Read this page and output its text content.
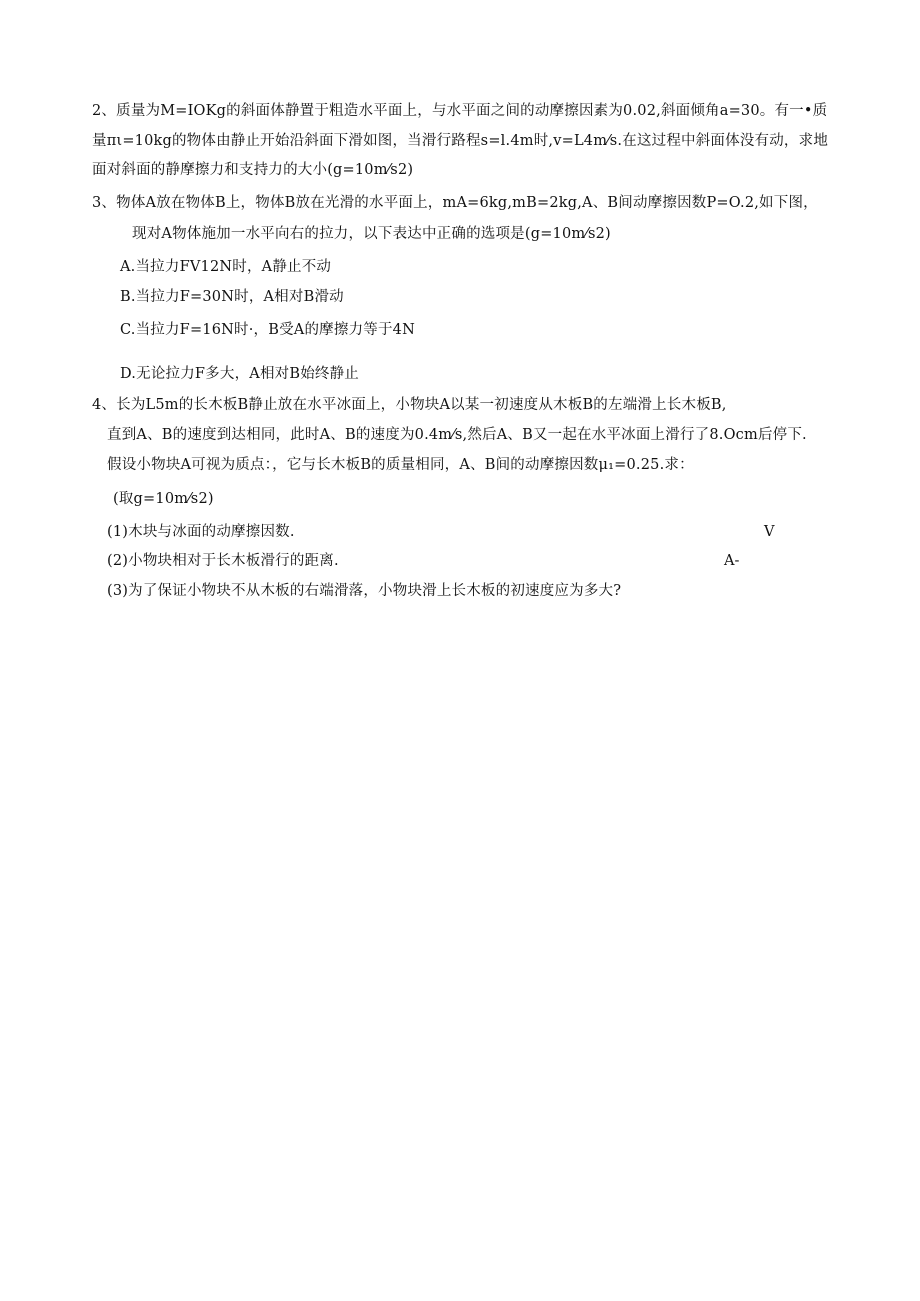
2、质量为M=IOKg的斜面体静置于粗造水平面上，与水平面之间的动摩擦因素为0.02,斜面倾角a=30。有一•质
量πι=10kg的物体由静止开始沿斜面下滑如图，当滑行路程s=l.4m时,v=L4m⁄s.在这过程中斜面体没有动，求地
面对斜面的静摩擦力和支持力的大小(g=10m⁄s2)
3、物体A放在物体B上，物体B放在光滑的水平面上，mA=6kg,mB=2kg,A、B间动摩擦因数P=O.2,如下图，
现对A物体施加一水平向右的拉力，以下表达中正确的选项是(g=10m⁄s2)
A.当拉力FV12N时，A静止不动
B.当拉力F=30N时，A相对B滑动
C.当拉力F=16N时·，B受A的摩擦力等于4N
D.无论拉力F多大，A相对B始终静止
4、长为L5m的长木板B静止放在水平冰面上，小物块A以某一初速度从木板B的左端滑上长木板B,
直到A、B的速度到达相同，此时A、B的速度为0.4m⁄s,然后A、B又一起在水平冰面上滑行了8.Ocm后停下.
假设小物块A可视为质点：，它与长木板B的质量相同，A、B间的动摩擦因数μ₁=0.25.求：
(取g=10m⁄s2)
(1)木块与冰面的动摩擦因数.
(2)小物块相对于长木板滑行的距离.
(3)为了保证小物块不从木板的右端滑落，小物块滑上长木板的初速度应为多大?
V
A-
